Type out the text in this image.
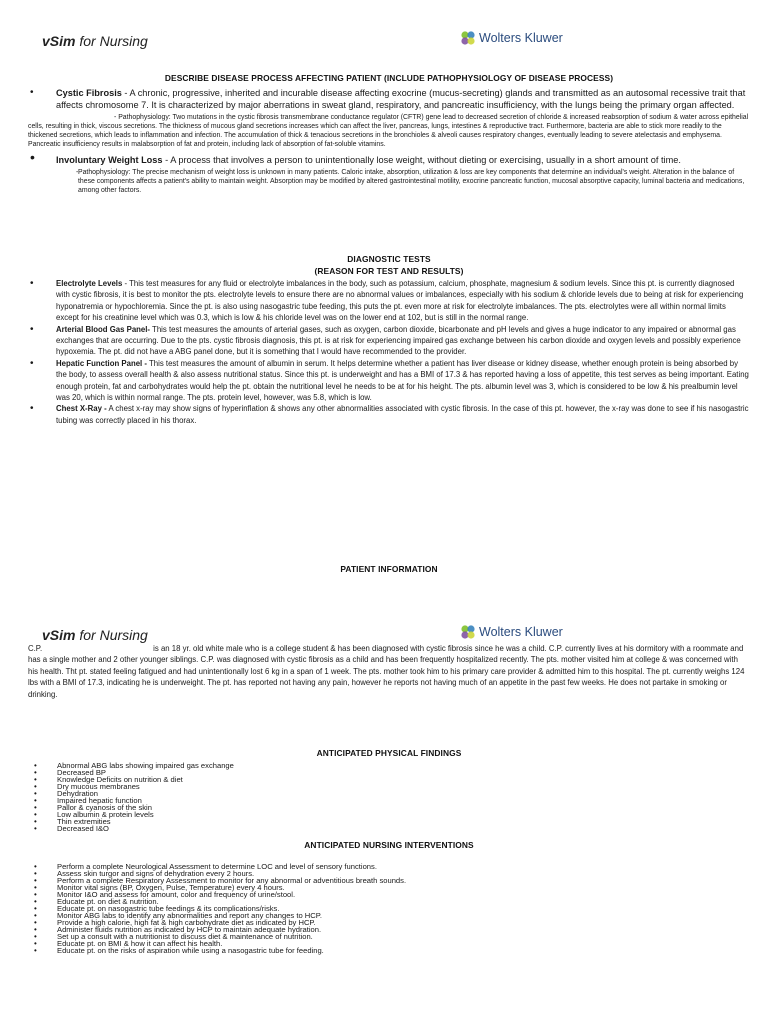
vSim for Nursing	Wolters Kluwer
DESCRIBE DISEASE PROCESS AFFECTING PATIENT (INCLUDE PATHOPHYSIOLOGY OF DISEASE PROCESS)
• Cystic Fibrosis - A chronic, progressive, inherited and incurable disease affecting exocrine (mucus-secreting) glands and transmitted as an autosomal recessive trait that affects chromosome 7. It is characterized by major aberrations in sweat gland, respiratory, and pancreatic insufficiency, with the lungs being the primary organ affected.
- Pathophysiology: Two mutations in the cystic fibrosis transmembrane conductance regulator (CFTR) gene lead to decreased secretion of chloride & increased reabsorption of sodium & water across epithelial cells, resulting in thick, viscous secretions. The thickness of mucous gland secretions increases which can affect the liver, pancreas, lungs, intestines & reproductive tract. Furthermore, bacteria are able to stick more readily to the thickened secretions, which leads to inflammation and infection. The accumulation of thick & tenacious secretions in the bronchioles & alveoli causes respiratory changes, eventually leading to severe atelectasis and emphysema. Pancreatic insufficiency results in malabsorption of fat and protein, including lack of absorption of fat-soluble vitamins.
• Involuntary Weight Loss - A process that involves a person to unintentionally lose weight, without dieting or exercising, usually in a short amount of time.
- Pathophysiology: The precise mechanism of weight loss is unknown in many patients. Caloric intake, absorption, utilization & loss are key components that determine an individual's weight. Alteration in the balance of these components affects a patient's ability to maintain weight. Absorption may be modified by altered gastrointestinal motility, exocrine pancreatic function, mucosal absorptive capacity, luminal bacteria and medications, among other factors.
DIAGNOSTIC TESTS
(REASON FOR TEST AND RESULTS)
• Electrolyte Levels - This test measures for any fluid or electrolyte imbalances in the body, such as potassium, calcium, phosphate, magnesium & sodium levels. Since this pt. is currently diagnosed with cystic fibrosis, it is best to monitor the pts. electrolyte levels to ensure there are no abnormal values or imbalances, especially with his sodium & chloride levels due to being at risk for experiencing hyponatremia or hypochloremia. Since the pt. is also using nasogastric tube feeding, this puts the pt. even more at risk for electrolyte imbalances. The pts. electrolytes were all within normal limits except for his creatinine level which was 0.3, which is low & his chloride level was on the lower end at 102, but is still in the normal range.
• Arterial Blood Gas Panel- This test measures the amounts of arterial gases, such as oxygen, carbon dioxide, bicarbonate and pH levels and gives a huge indicator to any impaired or abnormal gas exchanges that are occurring. Due to the pts. cystic fibrosis diagnosis, this pt. is at risk for experiencing impaired gas exchange between his carbon dioxide and oxygen levels and possibly experience hypoxemia. The pt. did not have a ABG panel done, but it is something that I would have recommended to the provider.
• Hepatic Function Panel - This test measures the amount of albumin in serum. It helps determine whether a patient has liver disease or kidney disease, whether enough protein is being absorbed by the body, to assess overall health & also assess nutritional status. Since this pt. is underweight and has a BMI of 17.3 & has reported having a loss of appetite, this test serves as being important. Eating enough protein, fat and carbohydrates would help the pt. obtain the nutritional level he needs to be at for his height. The pts. albumin level was 3, which is considered to be low & his prealbumin level was 20, which is within normal range. The pts. protein level, however, was 5.8, which is low.
• Chest X-Ray - A chest x-ray may show signs of hyperinflation & shows any other abnormalities associated with cystic fibrosis. In the case of this pt. however, the x-ray was done to see if his nasogastric tubing was correctly placed in his thorax.
PATIENT INFORMATION
vSim for Nursing	Wolters Kluwer
C.P.	is an 18 yr. old white male who is a college student & has been diagnosed with cystic fibrosis since he was a child. C.P. currently lives at his dormitory with a roommate and has a single mother and 2 other younger siblings. C.P. was diagnosed with cystic fibrosis as a child and has been frequently hospitalized recently. The pts. mother visited him at college & was concerned with his health. Tht pt. stated feeling fatigued and had unintentionally lost 6 kg in a span of 1 week. The pts. mother took him to his primary care provider & admitted him to this hospital. The pt. currently weighs 124 lbs with a BMI of 17.3, indicating he is underweight. The pt. has reported not having any pain, however he reports not having much of an appetite in the past few weeks. He does not partake in smoking or drinking.
ANTICIPATED PHYSICAL FINDINGS
• Abnormal ABG labs showing impaired gas exchange
• Decreased BP
• Knowledge Deficits on nutrition & diet
• Dry mucous membranes
• Dehydration
• Impaired hepatic function
• Pallor & cyanosis of the skin
• Low albumin & protein levels
• Thin extremities
• Decreased I&O
ANTICIPATED NURSING INTERVENTIONS
• Perform a complete Neurological Assessment to determine LOC and level of sensory functions.
• Assess skin turgor and signs of dehydration every 2 hours.
• Perform a complete Respiratory Assessment to monitor for any abnormal or adventitious breath sounds.
• Monitor vital signs (BP, Oxygen, Pulse, Temperature) every 4 hours.
• Monitor I&O and assess for amount, color and frequency of urine/stool.
• Educate pt. on diet & nutrition.
• Educate pt. on nasogastric tube feedings & its complications/risks.
• Monitor ABG labs to identify any abnormalities and report any changes to HCP.
• Provide a high calorie, high fat & high carbohydrate diet as indicated by HCP.
• Administer fluids nutrition as indicated by HCP to maintain adequate hydration.
• Set up a consult with a nutritionist to discuss diet & maintenance of nutrition.
• Educate pt. on BMI & how it can affect his health.
• Educate pt. on the risks of aspiration while using a nasogastric tube for feeding.
